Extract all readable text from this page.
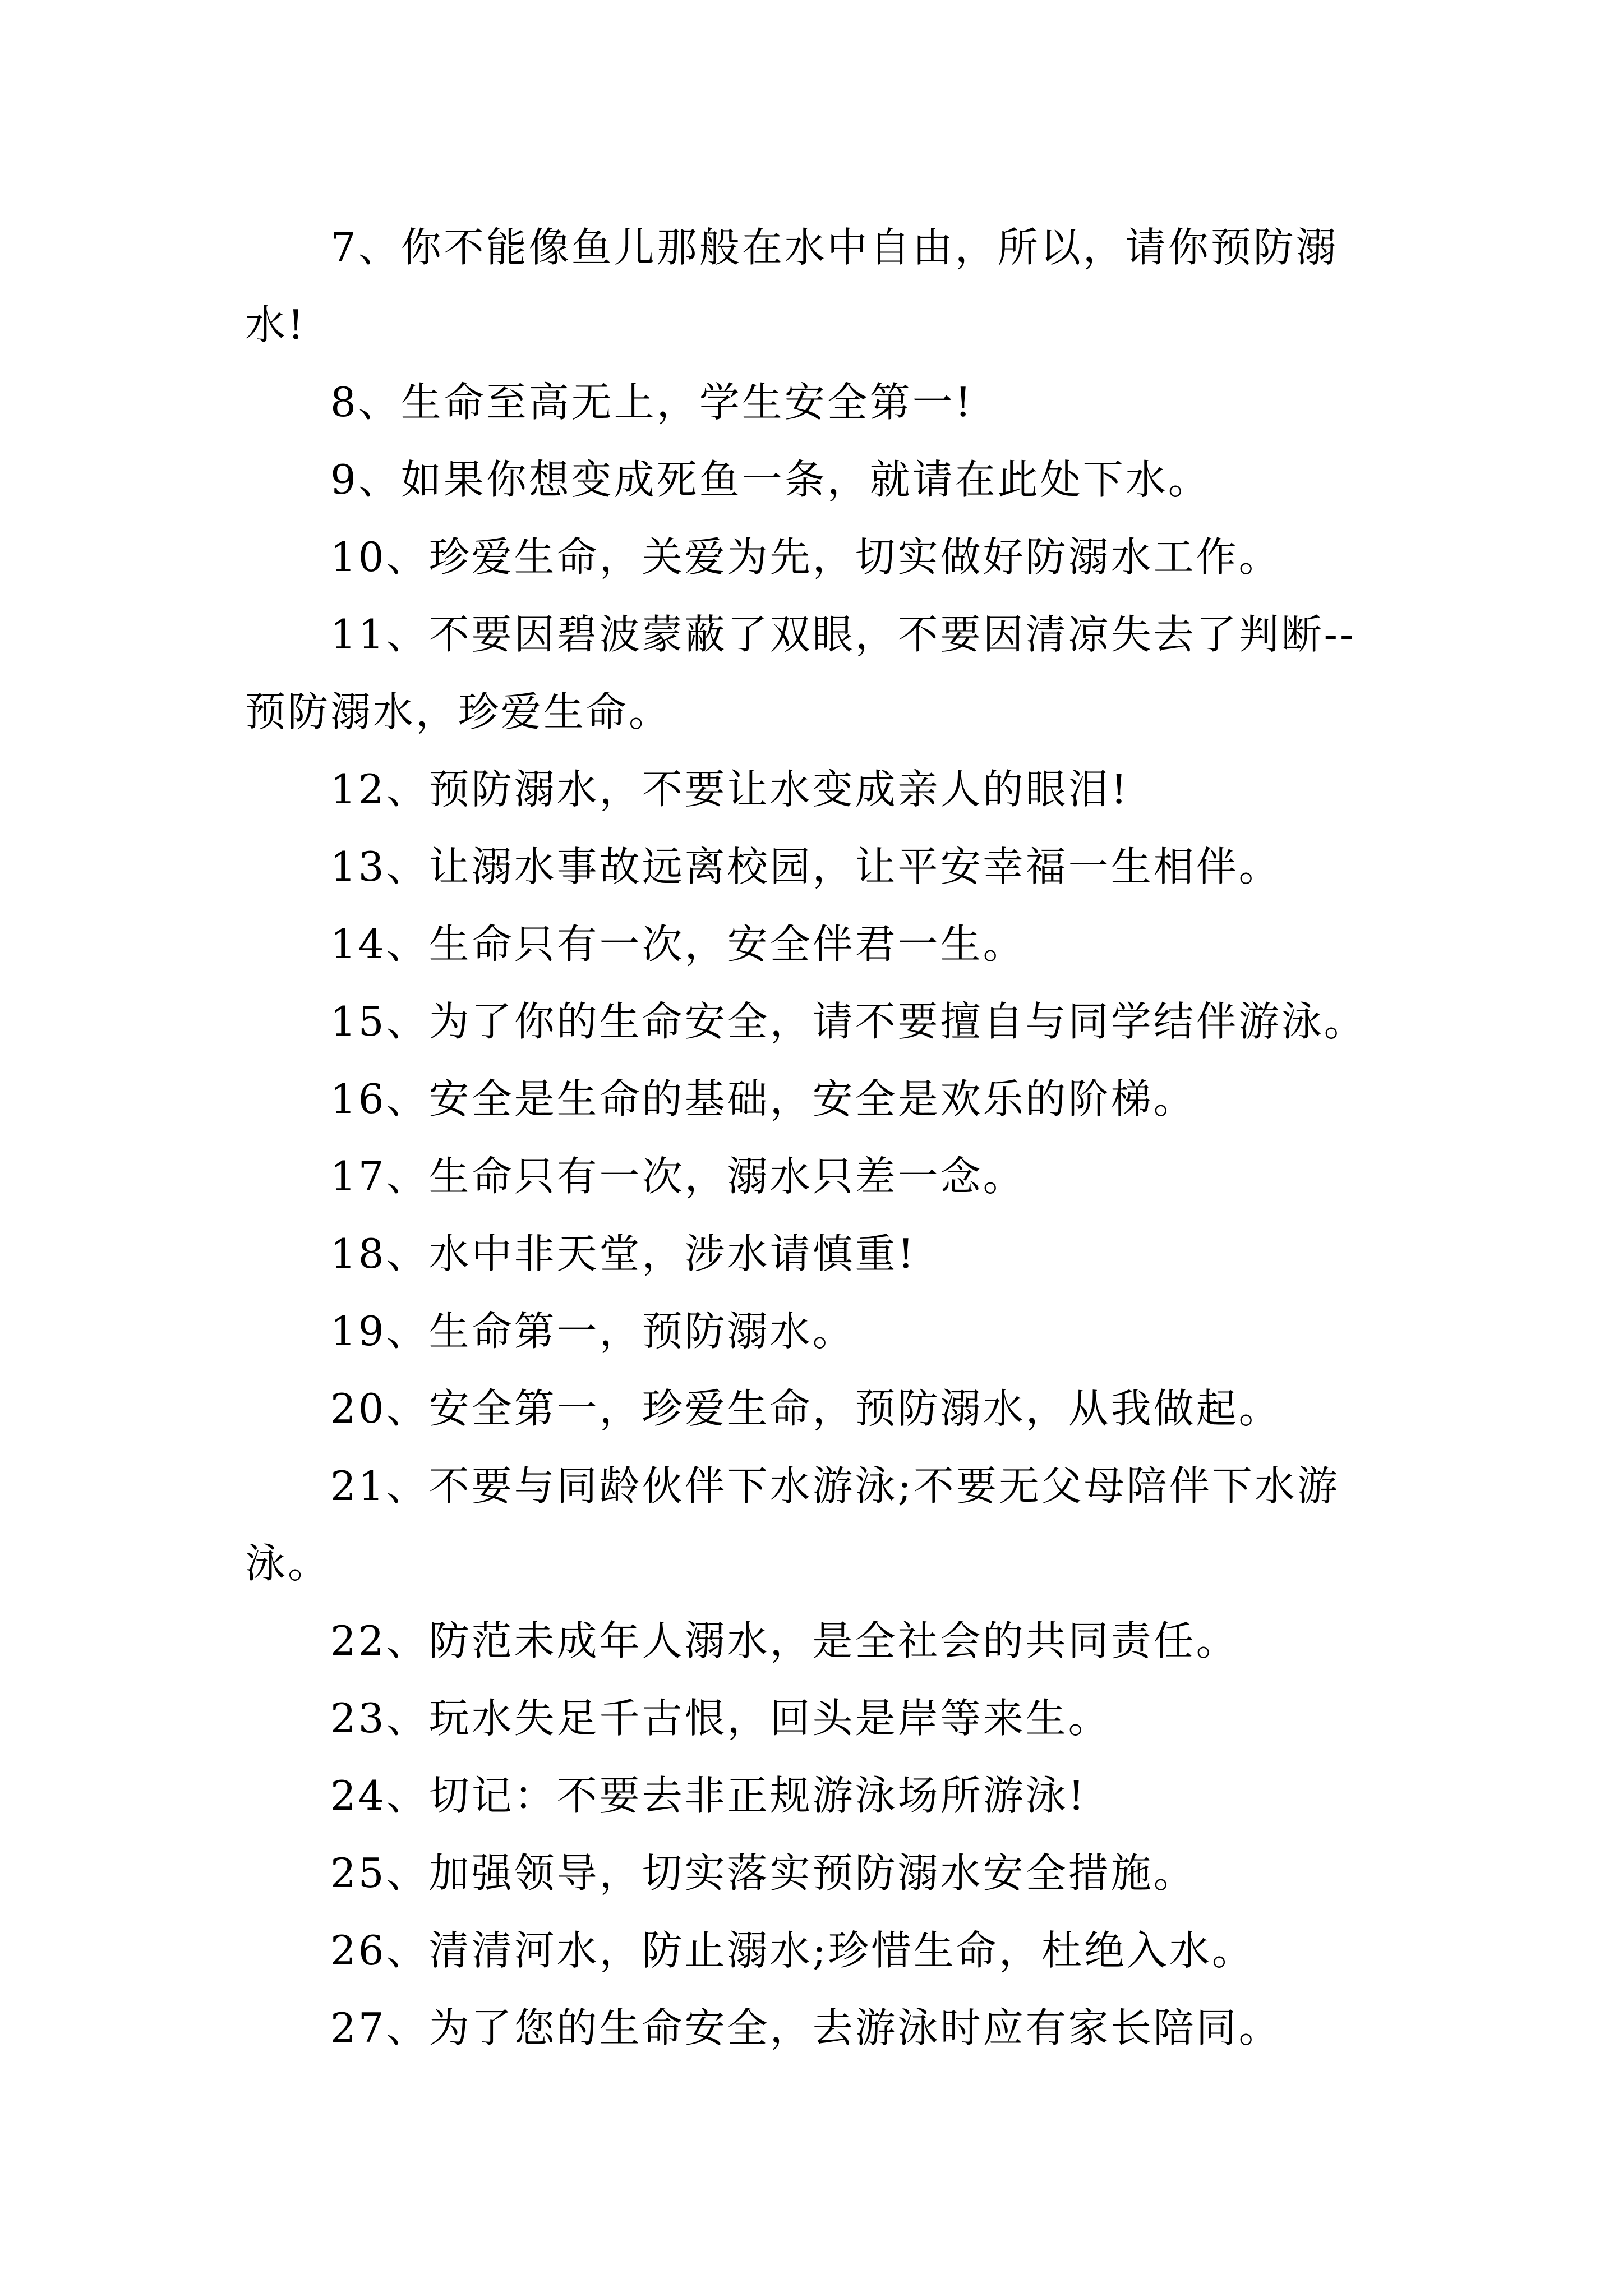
7、你不能像鱼儿那般在水中自由，所以，请你预防溺水!

8、生命至高无上，学生安全第一!

9、如果你想变成死鱼一条，就请在此处下水。

10、珍爱生命，关爱为先，切实做好防溺水工作。

11、不要因碧波蒙蔽了双眼，不要因清凉失去了判断--预防溺水，珍爱生命。

12、预防溺水，不要让水变成亲人的眼泪!

13、让溺水事故远离校园，让平安幸福一生相伴。

14、生命只有一次，安全伴君一生。

15、为了你的生命安全，请不要擅自与同学结伴游泳。

16、安全是生命的基础，安全是欢乐的阶梯。

17、生命只有一次，溺水只差一念。

18、水中非天堂，涉水请慎重!

19、生命第一，预防溺水。

20、安全第一，珍爱生命，预防溺水，从我做起。

21、不要与同龄伙伴下水游泳;不要无父母陪伴下水游泳。

22、防范未成年人溺水，是全社会的共同责任。

23、玩水失足千古恨，回头是岸等来生。

24、切记：不要去非正规游泳场所游泳!

25、加强领导，切实落实预防溺水安全措施。

26、清清河水，防止溺水;珍惜生命，杜绝入水。

27、为了您的生命安全，去游泳时应有家长陪同。
